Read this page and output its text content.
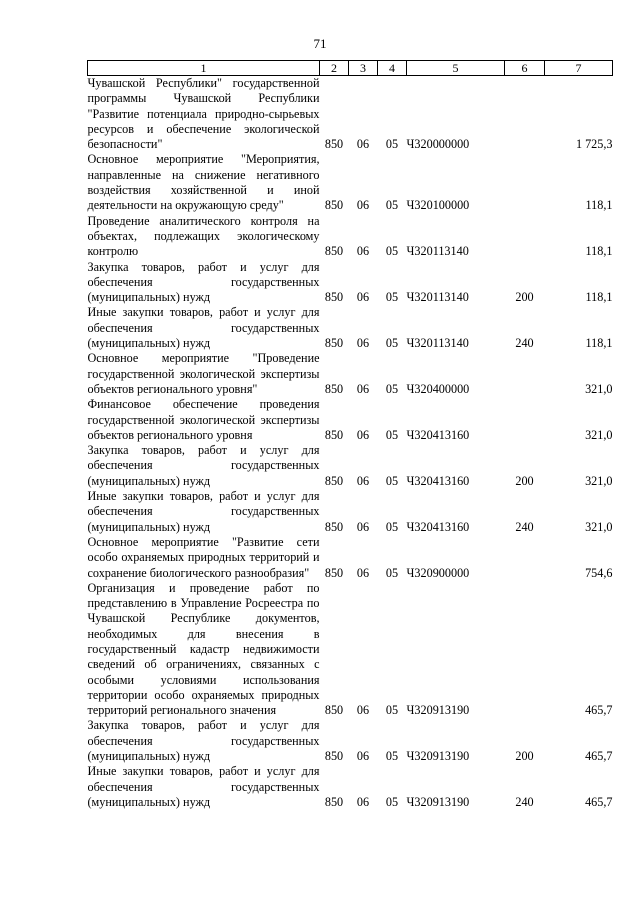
71
1	2	3	4	5	6	7
Чувашской Республики" государственной программы Чувашской Республики "Развитие потенциала природно-сырьевых ресурсов и обеспечение экологической безопасности"	850	06	05	Ч320000000		1 725,3
Основное мероприятие "Мероприятия, направленные на снижение негативного воздействия хозяйственной и иной деятельности на окружающую среду"	850	06	05	Ч320100000		118,1
Проведение аналитического контроля на объектах, подлежащих экологическому контролю	850	06	05	Ч320113140		118,1
Закупка товаров, работ и услуг для обеспечения государственных (муниципальных) нужд	850	06	05	Ч320113140	200	118,1
Иные закупки товаров, работ и услуг для обеспечения государственных (муниципальных) нужд	850	06	05	Ч320113140	240	118,1
Основное мероприятие "Проведение государственной экологической экспертизы объектов регионального уровня"	850	06	05	Ч320400000		321,0
Финансовое обеспечение проведения государственной экологической экспертизы объектов регионального уровня	850	06	05	Ч320413160		321,0
Закупка товаров, работ и услуг для обеспечения государственных (муниципальных) нужд	850	06	05	Ч320413160	200	321,0
Иные закупки товаров, работ и услуг для обеспечения государственных (муниципальных) нужд	850	06	05	Ч320413160	240	321,0
Основное мероприятие "Развитие сети особо охраняемых природных территорий и сохранение биологического разнообразия"	850	06	05	Ч320900000		754,6
Организация и проведение работ по представлению в Управление Росреестра по Чувашской Республике документов, необходимых для внесения в государственный кадастр недвижимости сведений об ограничениях, связанных с особыми условиями использования территории особо охраняемых природных территорий регионального значения	850	06	05	Ч320913190		465,7
Закупка товаров, работ и услуг для обеспечения государственных (муниципальных) нужд	850	06	05	Ч320913190	200	465,7
Иные закупки товаров, работ и услуг для обеспечения государственных (муниципальных) нужд	850	06	05	Ч320913190	240	465,7
